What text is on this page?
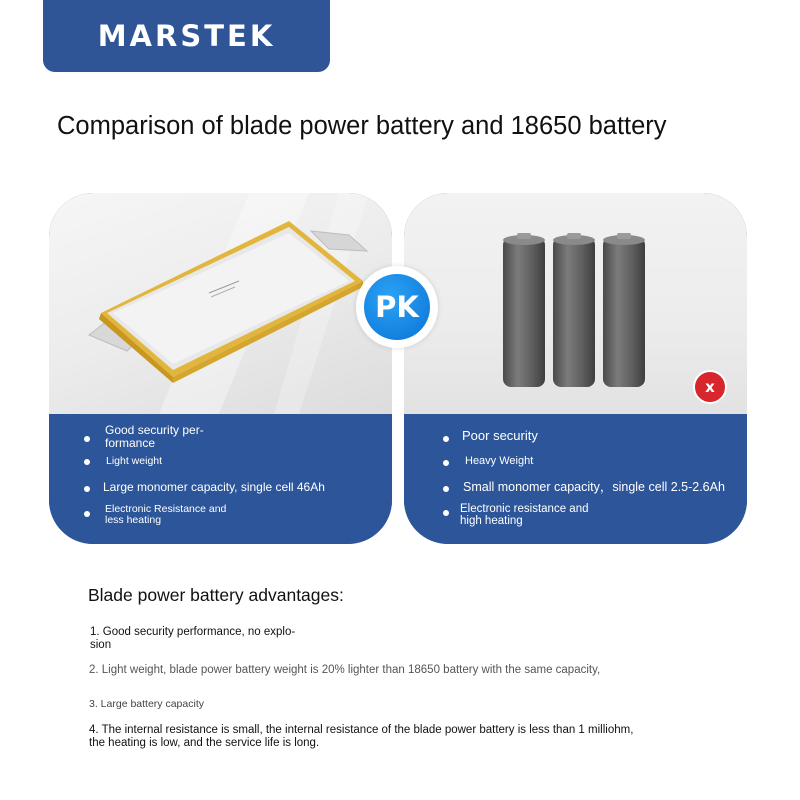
MARSTEK
Comparison of blade power battery and 18650 battery
Good security per-
formance
Light weight
Large monomer capacity, single cell 46Ah
Electronic Resistance and
less heating
x
Poor security
Heavy Weight
Small monomer capacity，single cell 2.5-2.6Ah
Electronic resistance and
high heating
PK
Blade power battery advantages:
1. Good security performance, no explo-
sion
2. Light weight, blade power battery weight is 20% lighter than 18650 battery with the same capacity,
3. Large battery capacity
4. The internal resistance is small, the internal resistance of the blade power battery is less than 1 milliohm,
the heating is low, and the service life is long.
